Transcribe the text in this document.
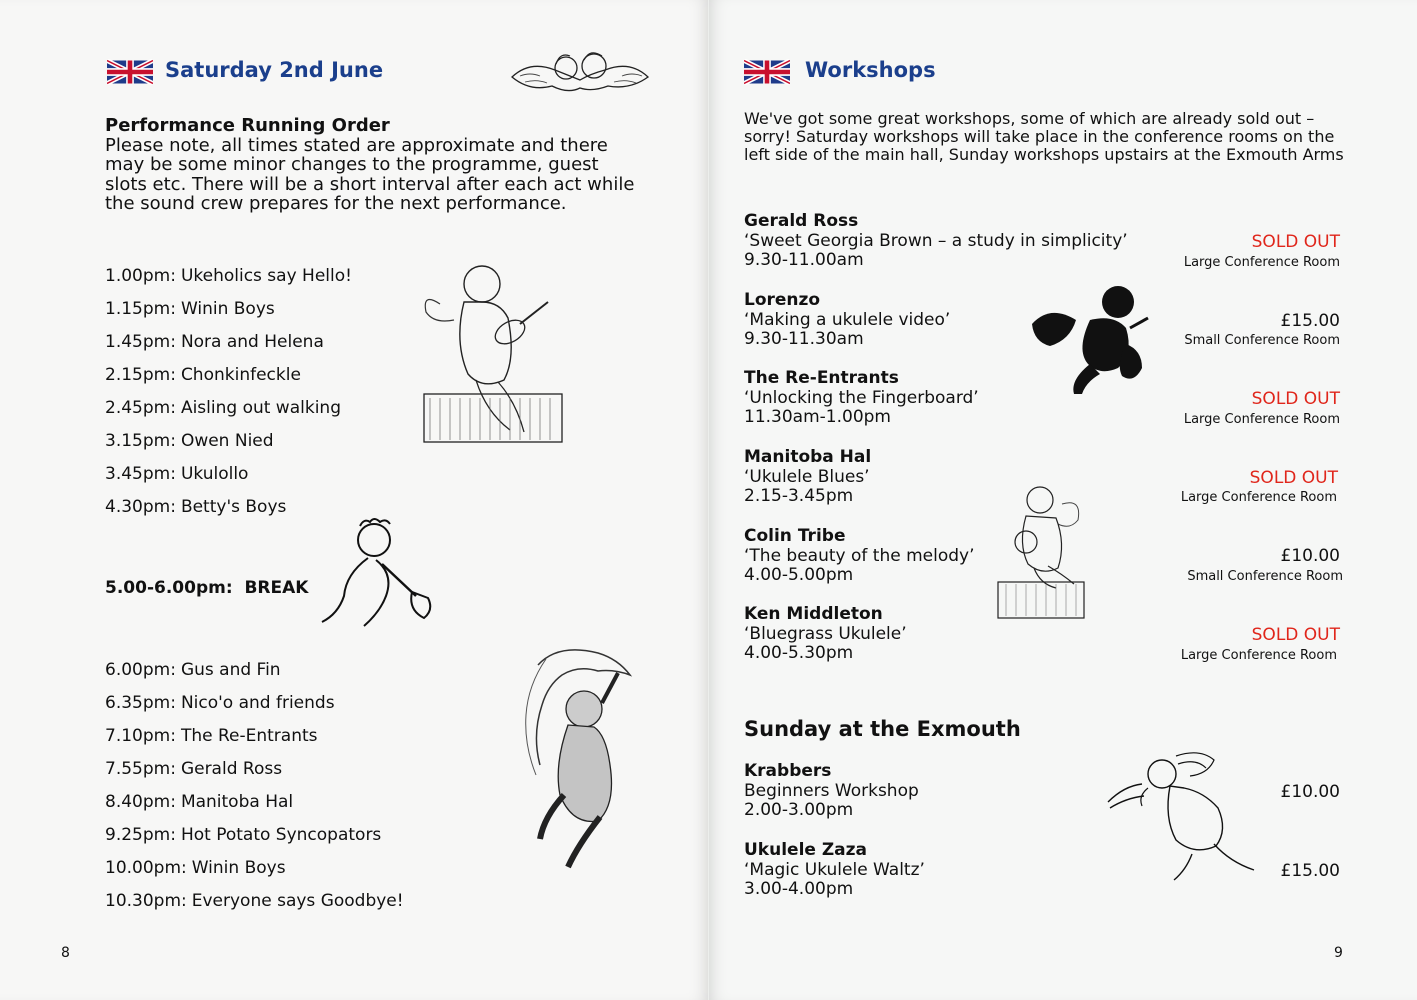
Saturday 2nd June

Performance Running Order
Please note, all times stated are approximate and there may be some minor changes to the programme, guest slots etc. There will be a short interval after each act while the sound crew prepares for the next performance.

1.00pm: Ukeholics say Hello!
1.15pm: Winin Boys
1.45pm: Nora and Helena
2.15pm: Chonkinfeckle
2.45pm: Aisling out walking
3.15pm: Owen Nied
3.45pm: Ukulollo
4.30pm: Betty's Boys
5.00-6.00pm: BREAK
6.00pm: Gus and Fin
6.35pm: Nico'o and friends
7.10pm: The Re-Entrants
7.55pm: Gerald Ross
8.40pm: Manitoba Hal
9.25pm: Hot Potato Syncopators
10.00pm: Winin Boys
10.30pm: Everyone says Goodbye!
8
Workshops

We've got some great workshops, some of which are already sold out – sorry! Saturday workshops will take place in the conference rooms on the left side of the main hall, Sunday workshops upstairs at the Exmouth Arms

Gerald Ross
‘Sweet Georgia Brown – a study in simplicity’
9.30-11.00am
SOLD OUT
Large Conference Room
Lorenzo
‘Making a ukulele video’
9.30-11.30am
£15.00
Small Conference Room
The Re-Entrants
‘Unlocking the Fingerboard’
11.30am-1.00pm
SOLD OUT
Large Conference Room
Manitoba Hal
‘Ukulele Blues’
2.15-3.45pm
SOLD OUT
Large Conference Room
Colin Tribe
‘The beauty of the melody’
4.00-5.00pm
£10.00
Small Conference Room
Ken Middleton
‘Bluegrass Ukulele’
4.00-5.30pm
SOLD OUT
Large Conference Room
Sunday at the Exmouth
Krabbers
Beginners Workshop
2.00-3.00pm
£10.00
Ukulele Zaza
‘Magic Ukulele Waltz’
3.00-4.00pm
£15.00
9
